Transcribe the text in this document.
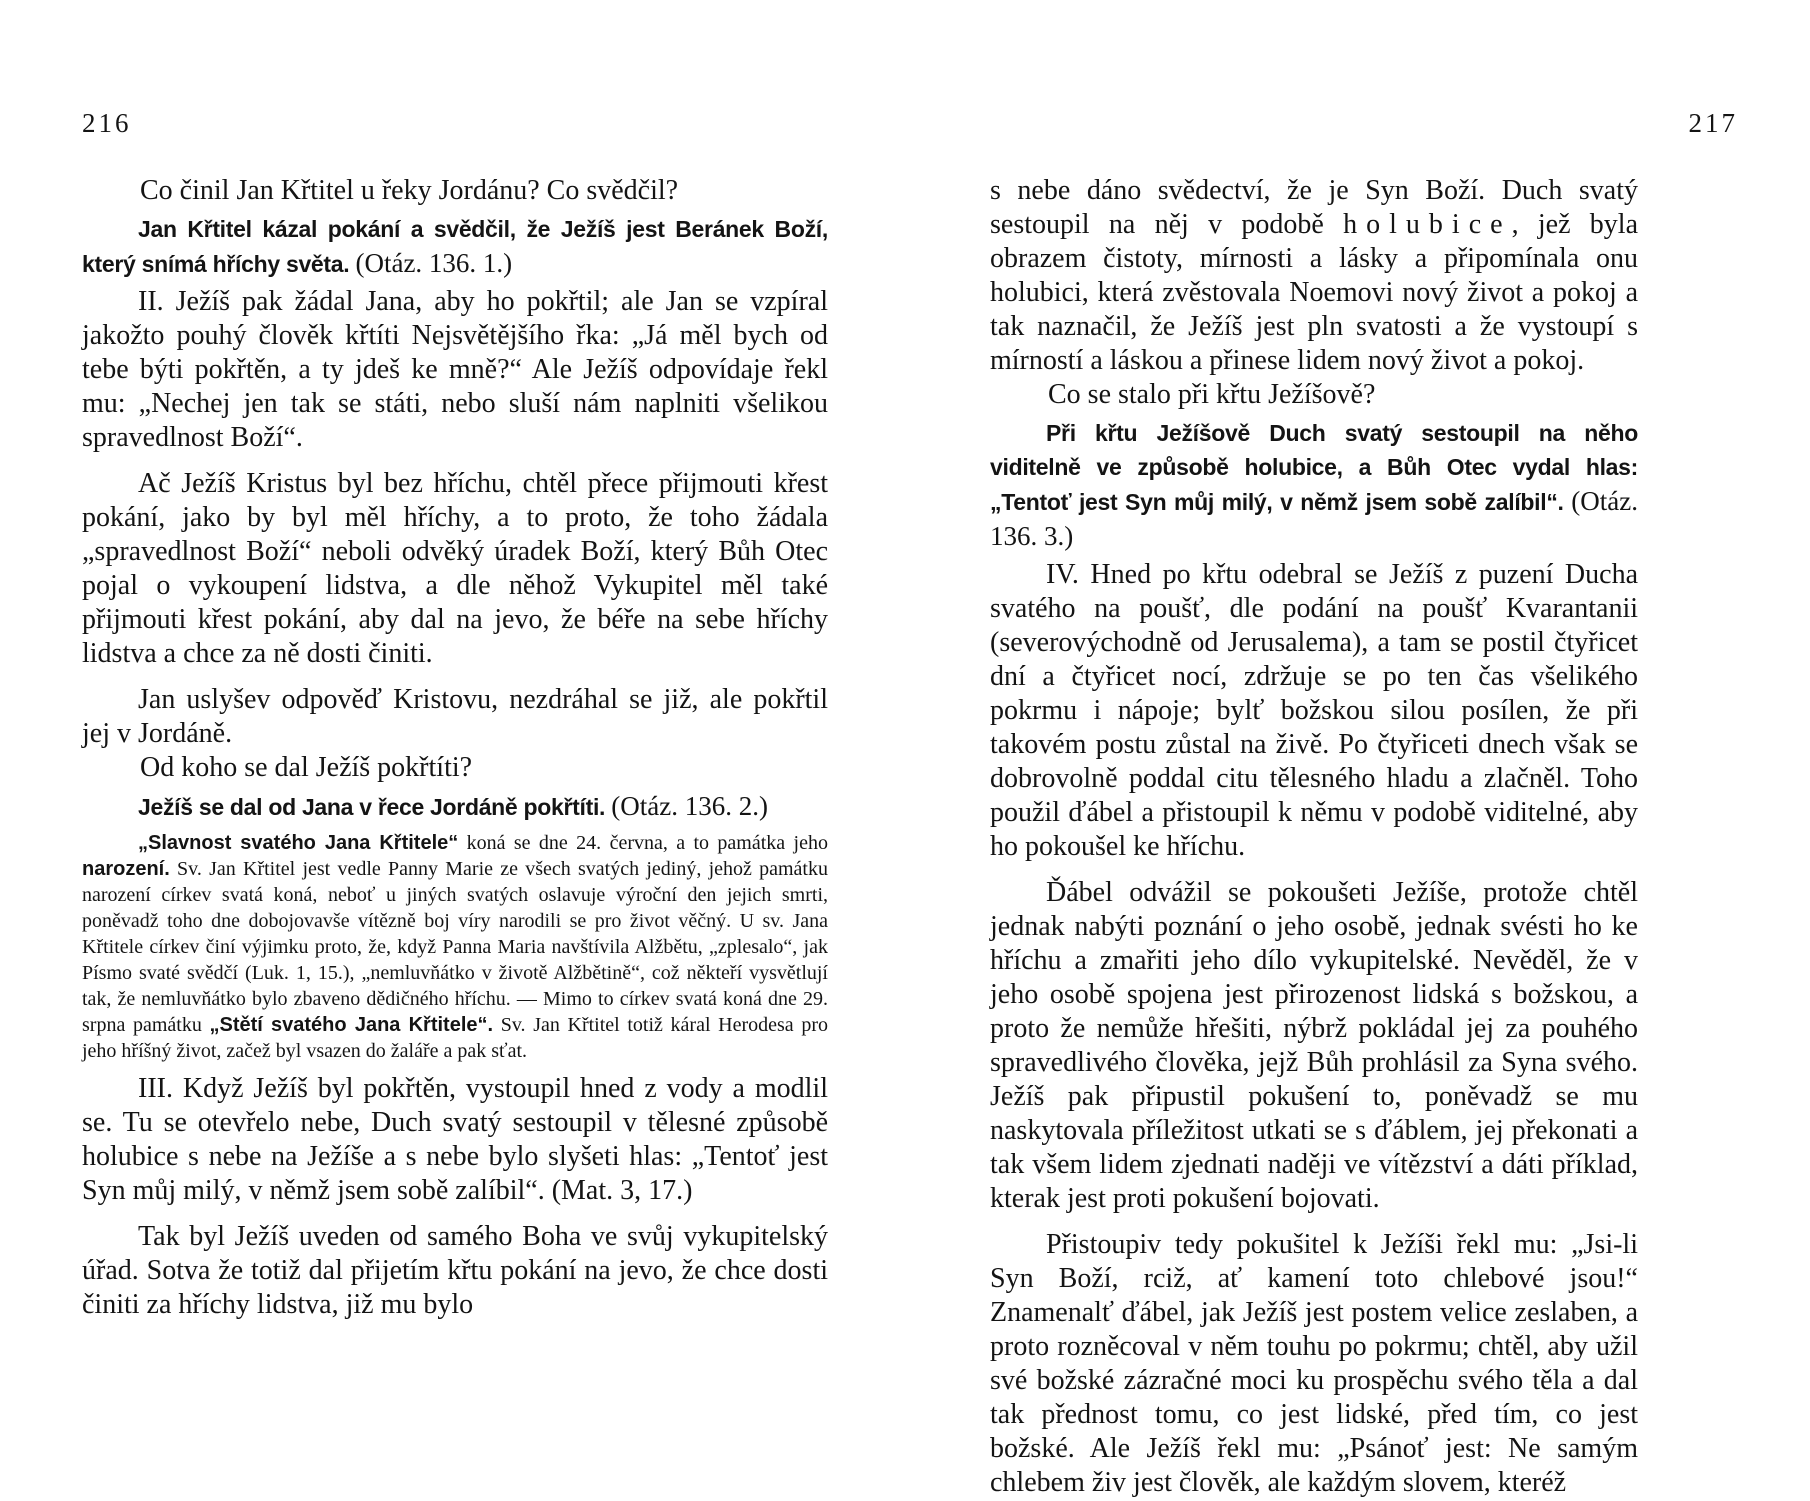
216

Co činil Jan Křtitel u řeky Jordánu? Co svědčil?

Jan Křtitel kázal pokání a svědčil, že Ježíš jest Beránek Boží, který snímá hříchy světa. (Otáz. 136. 1.)

II. Ježíš pak žádal Jana, aby ho pokřtil; ale Jan se vzpíral jakožto pouhý člověk křtíti Nejsvětějšího řka: „Já měl bych od tebe býti pokřtěn, a ty jdeš ke mně?“ Ale Ježíš odpovídaje řekl mu: „Nechej jen tak se státi, nebo sluší nám naplniti všelikou spravedlnost Boží“.

Ač Ježíš Kristus byl bez hříchu, chtěl přece přijmouti křest pokání, jako by byl měl hříchy, a to proto, že toho žádala „spravedlnost Boží“ neboli odvěký úradek Boží, který Bůh Otec pojal o vykoupení lidstva, a dle něhož Vykupitel měl také přijmouti křest pokání, aby dal na jevo, že béře na sebe hříchy lidstva a chce za ně dosti činiti.

Jan uslyšev odpověď Kristovu, nezdráhal se již, ale pokřtil jej v Jordáně.

Od koho se dal Ježíš pokřtíti?

Ježíš se dal od Jana v řece Jordáně pokřtíti. (Otáz. 136. 2.)

„Slavnost svatého Jana Křtitele“ koná se dne 24. června, a to památka jeho narození. Sv. Jan Křtitel jest vedle Panny Marie ze všech svatých jediný, jehož památku narození církev svatá koná, neboť u jiných svatých oslavuje výroční den jejich smrti, poněvadž toho dne dobojovavše vítězně boj víry narodili se pro život věčný. U sv. Jana Křtitele církev činí výjimku proto, že, když Panna Maria navštívila Alžbětu, „zplesalo“, jak Písmo svaté svědčí (Luk. 1, 15.), „nemluvňátko v životě Alžbětině“, což někteří vysvětlují tak, že nemluvňátko bylo zbaveno dědičného hříchu. — Mimo to církev svatá koná dne 29. srpna památku „Stětí svatého Jana Křtitele“. Sv. Jan Křtitel totiž káral Herodesa pro jeho hříšný život, začež byl vsazen do žaláře a pak sťat.

III. Když Ježíš byl pokřtěn, vystoupil hned z vody a modlil se. Tu se otevřelo nebe, Duch svatý sestoupil v tělesné způsobě holubice s nebe na Ježíše a s nebe bylo slyšeti hlas: „Tentoť jest Syn můj milý, v němž jsem sobě zalíbil“. (Mat. 3, 17.)

Tak byl Ježíš uveden od samého Boha ve svůj vykupitelský úřad. Sotva že totiž dal přijetím křtu pokání na jevo, že chce dosti činiti za hříchy lidstva, již mu bylo

217

s nebe dáno svědectví, že je Syn Boží. Duch svatý sestoupil na něj v podobě holubice, jež byla obrazem čistoty, mírnosti a lásky a připomínala onu holubici, která zvěstovala Noemovi nový život a pokoj a tak naznačil, že Ježíš jest pln svatosti a že vystoupí s mírností a láskou a přinese lidem nový život a pokoj.

Co se stalo při křtu Ježíšově?

Při křtu Ježíšově Duch svatý sestoupil na něho viditelně ve způsobě holubice, a Bůh Otec vydal hlas: „Tentoť jest Syn můj milý, v němž jsem sobě zalíbil“. (Otáz. 136. 3.)

IV. Hned po křtu odebral se Ježíš z puzení Ducha svatého na poušť, dle podání na poušť Kvarantanii (severovýchodně od Jerusalema), a tam se postil čtyřicet dní a čtyřicet nocí, zdržuje se po ten čas všelikého pokrmu i nápoje; bylť božskou silou posílen, že při takovém postu zůstal na živě. Po čtyřiceti dnech však se dobrovolně poddal citu tělesného hladu a zlačněl. Toho použil ďábel a přistoupil k němu v podobě viditelné, aby ho pokoušel ke hříchu.

Ďábel odvážil se pokoušeti Ježíše, protože chtěl jednak nabýti poznání o jeho osobě, jednak svésti ho ke hříchu a zmařiti jeho dílo vykupitelské. Nevěděl, že v jeho osobě spojena jest přirozenost lidská s božskou, a proto že nemůže hřešiti, nýbrž pokládal jej za pouhého spravedlivého člověka, jejž Bůh prohlásil za Syna svého. Ježíš pak připustil pokušení to, poněvadž se mu naskytovala příležitost utkati se s ďáblem, jej překonati a tak všem lidem zjednati naději ve vítězství a dáti příklad, kterak jest proti pokušení bojovati.

Přistoupiv tedy pokušitel k Ježíši řekl mu: „Jsi-li Syn Boží, rciž, ať kamení toto chlebové jsou!“ Znamenalť ďábel, jak Ježíš jest postem velice zeslaben, a proto rozněcoval v něm touhu po pokrmu; chtěl, aby užil své božské zázračné moci ku prospěchu svého těla a dal tak přednost tomu, co jest lidské, před tím, co jest božské. Ale Ježíš řekl mu: „Psánoť jest: Ne samým chlebem živ jest člověk, ale každým slovem, kteréž
